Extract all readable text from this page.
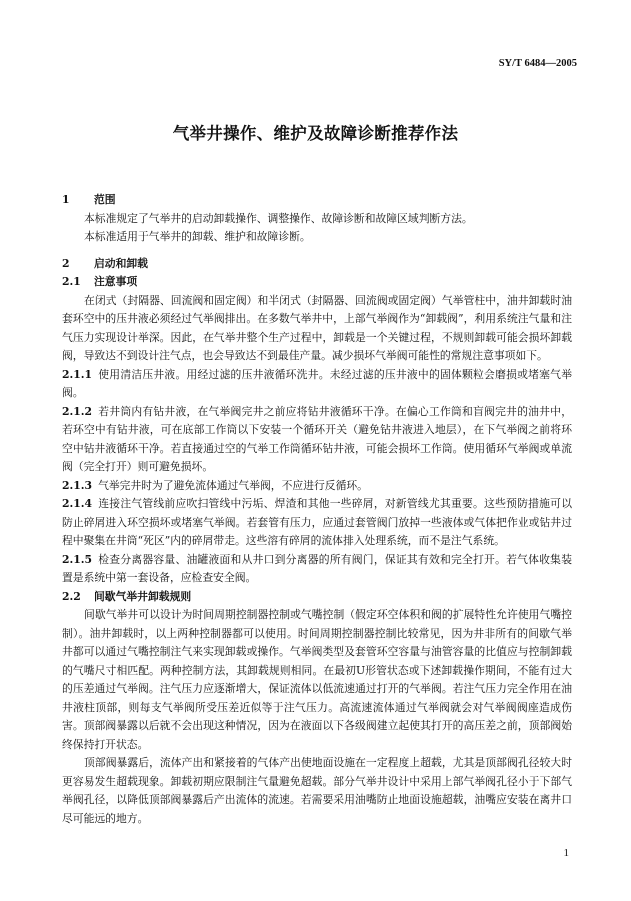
SY/T 6484—2005
气举井操作、维护及故障诊断推荐作法
1 范围
本标准规定了气举井的启动卸载操作、调整操作、故障诊断和故障区域判断方法。
本标准适用于气举井的卸载、维护和故障诊断。
2 启动和卸载
2.1 注意事项
在闭式（封隔器、回流阀和固定阀）和半闭式（封隔器、回流阀或固定阀）气举管柱中，油井卸载时油套环空中的压井液必须经过气举阀排出。在多数气举井中，上部气举阀作为“卸载阀”，利用系统注气量和注气压力实现设计举深。因此，在气举井整个生产过程中，卸载是一个关键过程，不规则卸载可能会损坏卸载阀，导致达不到设计注气点，也会导致达不到最佳产量。减少损坏气举阀可能性的常规注意事项如下。
2.1.1 使用清洁压井液。用经过滤的压井液循环洗井。未经过滤的压井液中的固体颗粒会磨损或堵塞气举阀。
2.1.2 若井筒内有钻井液，在气举阀完井之前应将钻井液循环干净。在偏心工作筒和盲阀完井的油井中，若环空中有钻井液，可在底部工作筒以下安装一个循环开关（避免钻井液进入地层），在下气举阀之前将环空中钻井液循环干净。若直接通过空的气举工作筒循环钻井液，可能会损坏工作筒。使用循环气举阀或单流阀（完全打开）则可避免损坏。
2.1.3 气举完井时为了避免流体通过气举阀，不应进行反循环。
2.1.4 连接注气管线前应吹扫管线中污垢、焊渣和其他一些碎屑，对新管线尤其重要。这些预防措施可以防止碎屑进入环空损坏或堵塞气举阀。若套管有压力，应通过套管阀门放掉一些液体或气体把作业或钻井过程中聚集在井筒“死区”内的碎屑带走。这些溶有碎屑的流体排入处理系统，而不是注气系统。
2.1.5 检查分离器容量、油罐液面和从井口到分离器的所有阀门，保证其有效和完全打开。若气体收集装置是系统中第一套设备，应检查安全阀。
2.2 间歇气举井卸载规则
间歇气举井可以设计为时间周期控制器控制或气嘴控制（假定环空体积和阀的扩展特性允许使用气嘴控制）。油井卸载时，以上两种控制器都可以使用。时间周期控制器控制比较常见，因为井非所有的间歇气举井都可以通过气嘴控制注气来实现卸载或操作。气举阀类型及套管环空容量与油管容量的比值应与控制卸载的气嘴尺寸相匹配。两种控制方法，其卸载规则相同。在最初U形管状态或下述卸载操作期间，不能有过大的压差通过气举阀。注气压力应逐渐增大，保证流体以低流速通过打开的气举阀。若注气压力完全作用在油井液柱顶部，则每支气举阀所受压差近似等于注气压力。高流速流体通过气举阀就会对气举阀阀座造成伤害。顶部阀暴露以后就不会出现这种情况，因为在液面以下各级阀建立起使其打开的高压差之前，顶部阀始终保持打开状态。
顶部阀暴露后，流体产出和紧接着的气体产出使地面设施在一定程度上超载，尤其是顶部阀孔径较大时更容易发生超载现象。卸载初期应限制注气量避免超载。部分气举井设计中采用上部气举阀孔径小于下部气举阀孔径，以降低顶部阀暴露后产出流体的流速。若需要采用油嘴防止地面设施超载，油嘴应安装在离井口尽可能远的地方。
1
